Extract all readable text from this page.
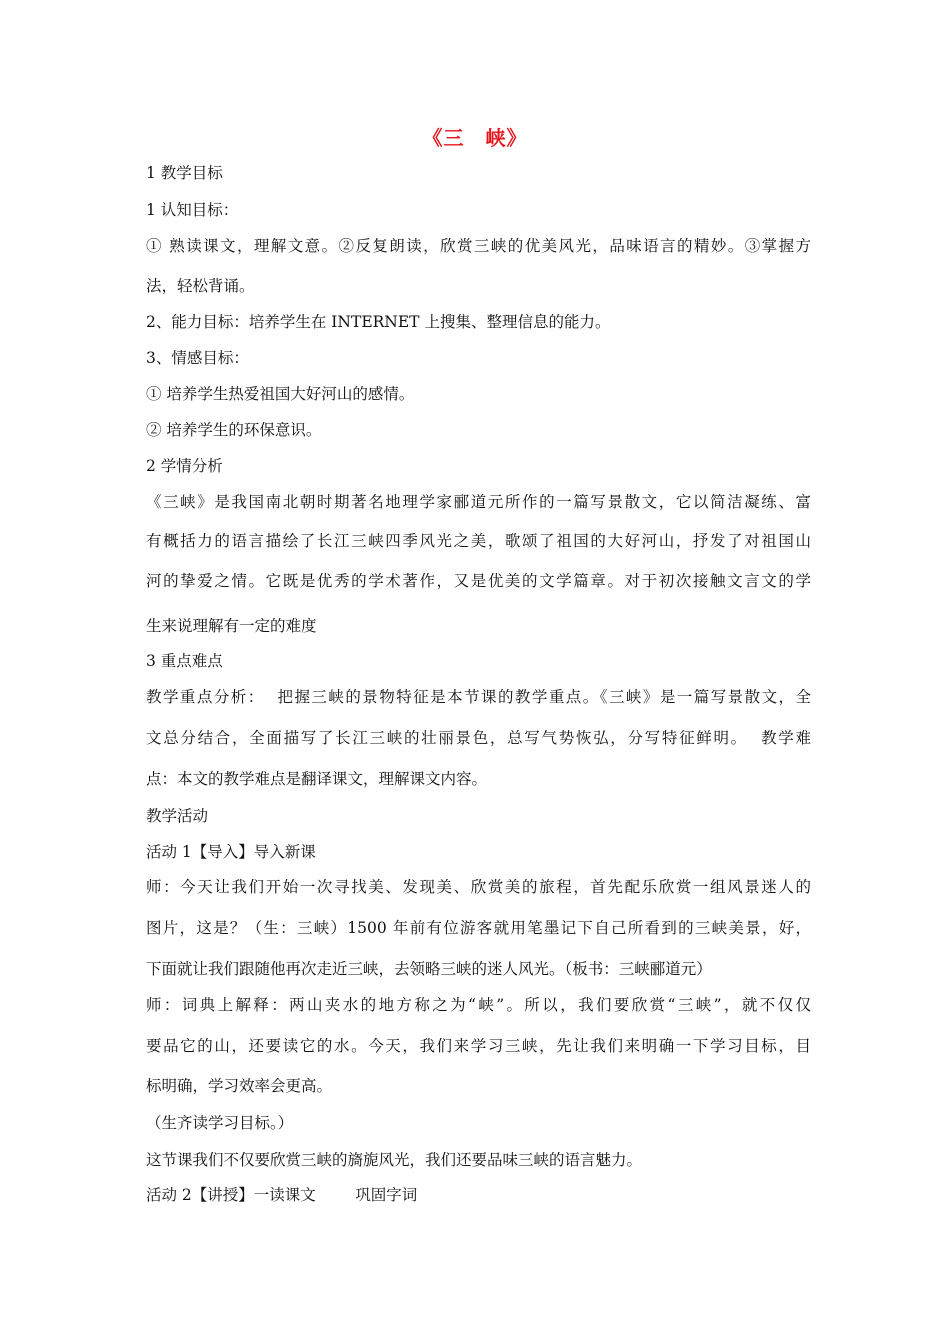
《三　峡》
1 教学目标
1 认知目标：
① 熟读课文，理解文意。②反复朗读，欣赏三峡的优美风光，品味语言的精妙。③掌握方
法，轻松背诵。
2、能力目标：培养学生在 INTERNET 上搜集、整理信息的能力。
3、情感目标：
① 培养学生热爱祖国大好河山的感情。
② 培养学生的环保意识。
2 学情分析
《三峡》是我国南北朝时期著名地理学家郦道元所作的一篇写景散文，它以简洁凝练、富
有概括力的语言描绘了长江三峡四季风光之美，歌颂了祖国的大好河山，抒发了对祖国山
河的挚爱之情。它既是优秀的学术著作，又是优美的文学篇章。对于初次接触文言文的学
生来说理解有一定的难度
3 重点难点
教学重点分析：  把握三峡的景物特征是本节课的教学重点。《三峡》是一篇写景散文，全
文总分结合，全面描写了长江三峡的壮丽景色，总写气势恢弘，分写特征鲜明。  教学难
点：本文的教学难点是翻译课文，理解课文内容。
教学活动
活动 1【导入】导入新课
师：今天让我们开始一次寻找美、发现美、欣赏美的旅程，首先配乐欣赏一组风景迷人的
图片，这是？（生：三峡）1500 年前有位游客就用笔墨记下自己所看到的三峡美景，好，
下面就让我们跟随他再次走近三峡，去领略三峡的迷人风光。（板书：三峡郦道元）
师：词典上解释：两山夹水的地方称之为“峡”。所以，我们要欣赏“三峡”，就不仅仅
要品它的山，还要读它的水。今天，我们来学习三峡，先让我们来明确一下学习目标，目
标明确，学习效率会更高。
（生齐读学习目标。）
这节课我们不仅要欣赏三峡的旖旎风光，我们还要品味三峡的语言魅力。
活动 2【讲授】一读课文        巩固字词
